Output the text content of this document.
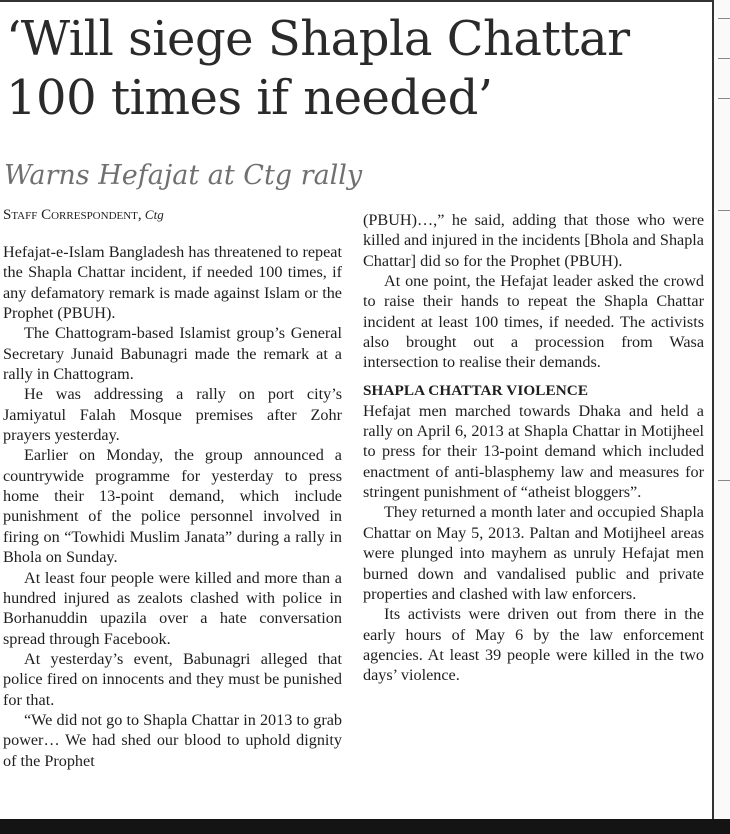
‘Will siege Shapla Chattar 100 times if needed’
Warns Hefajat at Ctg rally
Staff Correspondent, Ctg

Hefajat-e-Islam Bangladesh has threatened to repeat the Shapla Chattar incident, if needed 100 times, if any defamatory remark is made against Islam or the Prophet (PBUH).

The Chattogram-based Islamist group’s General Secretary Junaid Babunagri made the remark at a rally in Chattogram.

He was addressing a rally on port city’s Jamiyatul Falah Mosque premises after Zohr prayers yesterday.

Earlier on Monday, the group announced a countrywide programme for yesterday to press home their 13-point demand, which include punishment of the police personnel involved in firing on “Towhidi Muslim Janata” during a rally in Bhola on Sunday.

At least four people were killed and more than a hundred injured as zealots clashed with police in Borhanuddin upazila over a hate conversation spread through Facebook.

At yesterday’s event, Babunagri alleged that police fired on innocents and they must be punished for that.

“We did not go to Shapla Chattar in 2013 to grab power… We had shed our blood to uphold dignity of the Prophet

(PBUH)…,” he said, adding that those who were killed and injured in the incidents [Bhola and Shapla Chattar] did so for the Prophet (PBUH).

At one point, the Hefajat leader asked the crowd to raise their hands to repeat the Shapla Chattar incident at least 100 times, if needed. The activists also brought out a procession from Wasa intersection to realise their demands.

SHAPLA CHATTAR VIOLENCE

Hefajat men marched towards Dhaka and held a rally on April 6, 2013 at Shapla Chattar in Motijheel to press for their 13-point demand which included enactment of anti-blasphemy law and measures for stringent punishment of “atheist bloggers”.

They returned a month later and occupied Shapla Chattar on May 5, 2013. Paltan and Motijheel areas were plunged into mayhem as unruly Hefajat men burned down and vandalised public and private properties and clashed with law enforcers.

Its activists were driven out from there in the early hours of May 6 by the law enforcement agencies. At least 39 people were killed in the two days’ violence.
